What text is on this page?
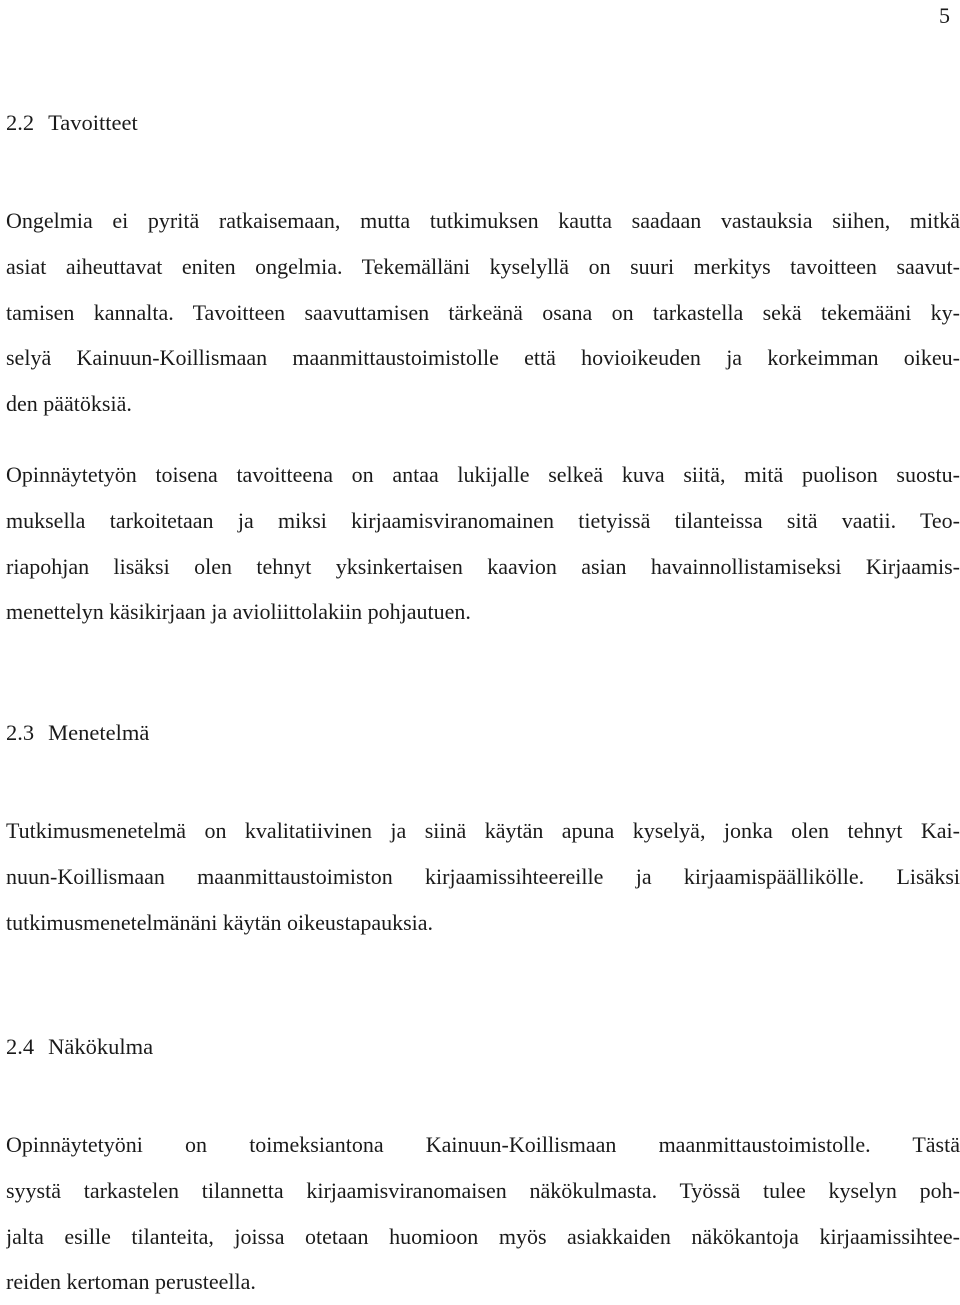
5
2.2 Tavoitteet

Ongelmia ei pyritä ratkaisemaan, mutta tutkimuksen kautta saadaan vastauksia siihen, mitkä
asiat aiheuttavat eniten ongelmia. Tekemälläni kyselyllä on suuri merkitys tavoitteen saavut-
tamisen kannalta. Tavoitteen saavuttamisen tärkeänä osana on tarkastella sekä tekemääni ky-
selyä Kainuun-Koillismaan maanmittaustoimistolle että hovioikeuden ja korkeimman oikeu-
den päätöksiä.

Opinnäytetyön toisena tavoitteena on antaa lukijalle selkeä kuva siitä, mitä puolison suostu-
muksella tarkoitetaan ja miksi kirjaamisviranomainen tietyissä tilanteissa sitä vaatii. Teo-
riapohjan lisäksi olen tehnyt yksinkertaisen kaavion asian havainnollistamiseksi Kirjaamis-
menettelyn käsikirjaan ja avioliittolakiin pohjautuen.

2.3 Menetelmä

Tutkimusmenetelmä on kvalitatiivinen ja siinä käytän apuna kyselyä, jonka olen tehnyt Kai-
nuun-Koillismaan maanmittaustoimiston kirjaamissihteereille ja kirjaamispäällikölle. Lisäksi
tutkimusmenetelmänäni käytän oikeustapauksia.

2.4 Näkökulma

Opinnäytetyöni on toimeksiantona Kainuun-Koillismaan maanmittaustoimistolle. Tästä
syystä tarkastelen tilannetta kirjaamisviranomaisen näkökulmasta. Työssä tulee kyselyn poh-
jalta esille tilanteita, joissa otetaan huomioon myös asiakkaiden näkökantoja kirjaamissihtee-
reiden kertoman perusteella.
